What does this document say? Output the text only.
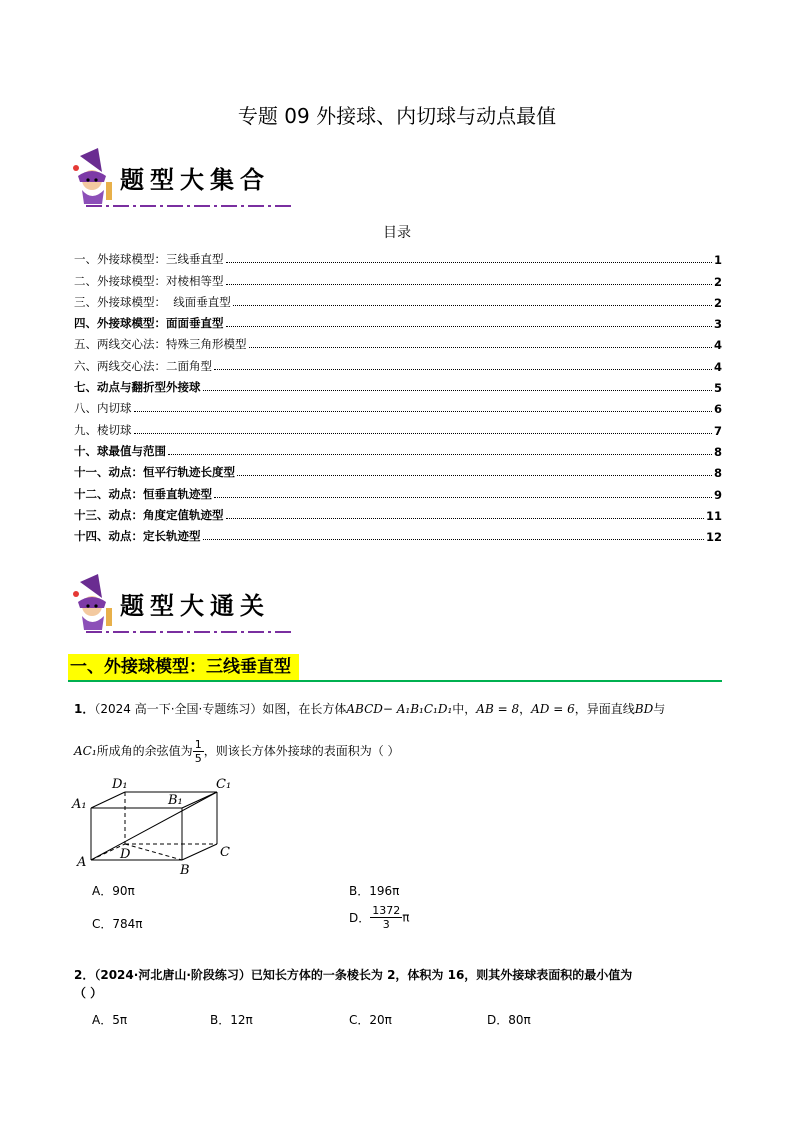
专题 09 外接球、内切球与动点最值
题型大集合
目录
一、外接球模型：三线垂直型	1
二、外接球模型：对棱相等型	2
三、外接球模型：  线面垂直型	2
四、外接球模型：面面垂直型	3
五、两线交心法：特殊三角形模型	4
六、两线交心法：二面角型	4
七、动点与翻折型外接球	5
八、内切球	6
九、棱切球	7
十、球最值与范围	8
十一、动点：恒平行轨迹长度型	8
十二、动点：恒垂直轨迹型	9
十三、动点：角度定值轨迹型	11
十四、动点：定长轨迹型	12
题型大通关
一、外接球模型：三线垂直型
1．（2024 高一下·全国·专题练习）如图，在长方体ABCD− A₁B₁C₁D₁中，AB = 8，AD = 6，异面直线BD与
AC₁所成角的余弦值为 $\frac{1}{5}$ ，则该长方体外接球的表面积为（ ）
D₁	C₁
A₁	B₁
A
D	C
B
A．90π	B．196π
C．784π	D． $\frac{1372}{3}$ π
2．（2024·河北唐山·阶段练习）已知长方体的一条棱长为 2，体积为 16，则其外接球表面积的最小值为
（ ）
A．5π	B．12π	C．20π	D．80π
